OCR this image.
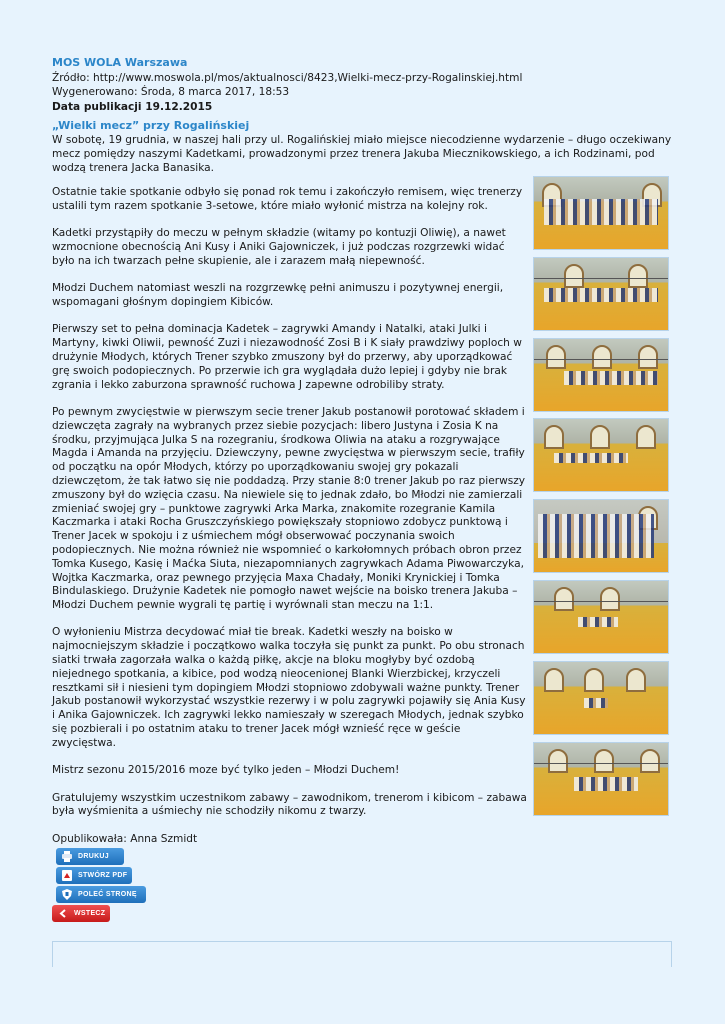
MOS WOLA Warszawa
Źródło: http://www.moswola.pl/mos/aktualnosci/8423,Wielki-mecz-przy-Rogalinskiej.html
Wygenerowano: Środa, 8 marca 2017, 18:53
Data publikacji 19.12.2015
„Wielki mecz” przy Rogalińskiej

W sobotę, 19 grudnia, w naszej hali przy ul. Rogalińskiej miało miejsce niecodzienne wydarzenie – długo oczekiwany mecz pomiędzy naszymi Kadetkami, prowadzonymi przez trenera Jakuba Miecznikowskiego, a ich Rodzinami, pod wodzą trenera Jacka Banasika.

Ostatnie takie spotkanie odbyło się ponad rok temu i zakończyło remisem, więc trenerzy ustalili tym razem spotkanie 3-setowe, które miało wyłonić mistrza na kolejny rok.

Kadetki przystąpiły do meczu w pełnym składzie (witamy po kontuzji Oliwię), a nawet wzmocnione obecnością Ani Kusy i Aniki Gajowniczek, i już podczas rozgrzewki widać było na ich twarzach pełne skupienie, ale i zarazem małą niepewność.

Młodzi Duchem natomiast weszli na rozgrzewkę pełni animuszu i pozytywnej energii, wspomagani głośnym dopingiem Kibiców.

Pierwszy set to pełna dominacja Kadetek – zagrywki Amandy i Natalki, ataki Julki i Martyny, kiwki Oliwii, pewność Zuzi i niezawodność Zosi B i K siały prawdziwy poploch w drużynie Młodych, których Trener szybko zmuszony był do przerwy, aby uporządkować grę swoich podopiecznych. Po przerwie ich gra wyglądała dużo lepiej i gdyby nie brak zgrania i lekko zaburzona sprawność ruchowa J zapewne odrobiliby straty.

Po pewnym zwycięstwie w pierwszym secie trener Jakub postanowił porotować składem i dziewczęta zagrały na wybranych przez siebie pozycjach: libero Justyna i Zosia K na środku, przyjmująca Julka S na rozegraniu, środkowa Oliwia na ataku a rozgrywające Magda i Amanda na przyjęciu. Dziewczyny, pewne zwycięstwa w pierwszym secie, trafiły od początku na opór Młodych, którzy po uporządkowaniu swojej gry pokazali dziewczętom, że tak łatwo się nie poddadzą. Przy stanie 8:0 trener Jakub po raz pierwszy zmuszony był do wzięcia czasu. Na niewiele się to jednak zdało, bo Młodzi nie zamierzali zmieniać swojej gry – punktowe zagrywki Arka Marka, znakomite rozegranie Kamila Kaczmarka i ataki Rocha Gruszczyńskiego powiększały stopniowo zdobycz punktową i Trener Jacek w spokoju i z uśmiechem mógł obserwować poczynania swoich podopiecznych. Nie można również nie wspomnieć o karkołomnych próbach obron przez Tomka Kusego, Kasię i Maćka Siuta, niezapomnianych zagrywkach Adama Piwowarczyka, Wojtka Kaczmarka, oraz pewnego przyjęcia Maxa Chadały, Moniki Krynickiej i Tomka Bindulaskiego. Drużynie Kadetek nie pomogło nawet wejście na boisko trenera Jakuba – Młodzi Duchem pewnie wygrali tę partię i wyrównali stan meczu na 1:1.

O wyłonieniu Mistrza decydować miał tie break. Kadetki weszły na boisko w najmocniejszym składzie i początkowo walka toczyła się punkt za punkt. Po obu stronach siatki trwała zagorzała walka o każdą piłkę, akcje na bloku mogłyby być ozdobą niejednego spotkania, a kibice, pod wodzą nieocenionej Blanki Wierzbickej, krzyczeli resztkami sił i niesieni tym dopingiem Młodzi stopniowo zdobywali ważne punkty. Trener Jakub postanowił wykorzystać wszystkie rezerwy i w polu zagrywki pojawiły się Ania Kusy i Anika Gajowniczek. Ich zagrywki lekko namieszały w szeregach Młodych, jednak szybko się pozbierali i po ostatnim ataku to trener Jacek mógł wznieść ręce w geście zwycięstwa.

Mistrz sezonu 2015/2016 moze być tylko jeden – Młodzi Duchem!

Gratulujemy wszystkim uczestnikom zabawy – zawodnikom, trenerom i kibicom – zabawa była wyśmienita a uśmiechy nie schodziły nikomu z twarzy.

Opublikowała: Anna Szmidt

DRUKUJ
STWÓRZ PDF
POLEĆ STRONĘ
WSTECZ
